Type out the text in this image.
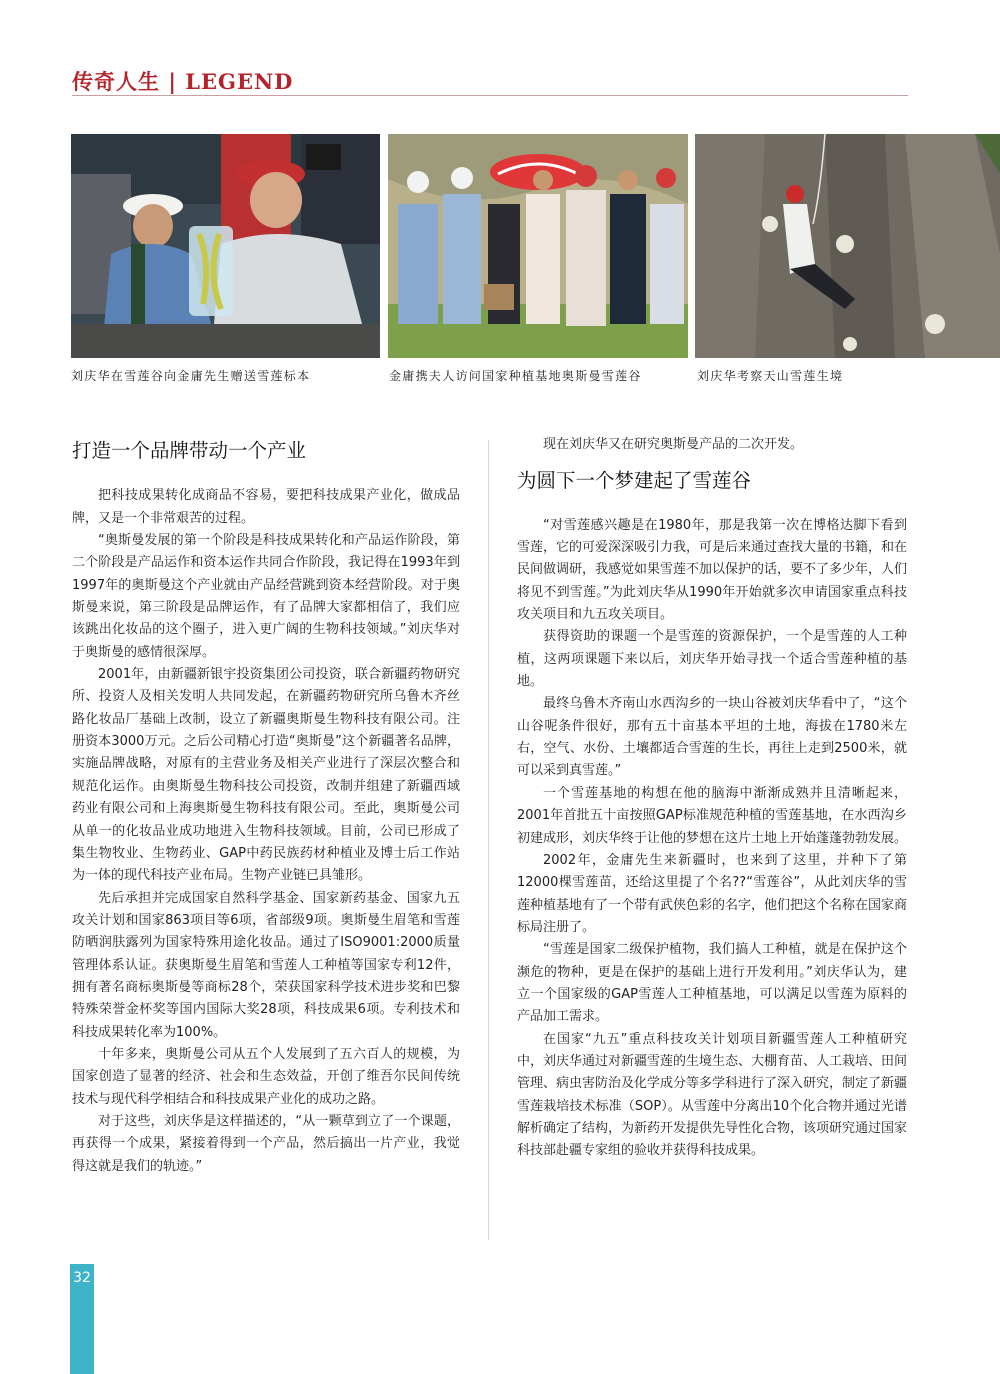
传奇人生 | LEGEND
刘庆华在雪莲谷向金庸先生赠送雪莲标本	金庸携夫人访问国家种植基地奥斯曼雪莲谷	刘庆华考察天山雪莲生境
打造一个品牌带动一个产业

把科技成果转化成商品不容易，要把科技成果产业化，做成品牌，又是一个非常艰苦的过程。

“奥斯曼发展的第一个阶段是科技成果转化和产品运作阶段，第二个阶段是产品运作和资本运作共同合作阶段，我记得在1993年到1997年的奥斯曼这个产业就由产品经营跳到资本经营阶段。对于奥斯曼来说，第三阶段是品牌运作，有了品牌大家都相信了，我们应该跳出化妆品的这个圈子，进入更广阔的生物科技领域。”刘庆华对于奥斯曼的感情很深厚。

2001年，由新疆新银宇投资集团公司投资，联合新疆药物研究所、投资人及相关发明人共同发起，在新疆药物研究所乌鲁木齐丝路化妆品厂基础上改制，设立了新疆奥斯曼生物科技有限公司。注册资本3000万元。之后公司精心打造“奥斯曼”这个新疆著名品牌，实施品牌战略，对原有的主营业务及相关产业进行了深层次整合和规范化运作。由奥斯曼生物科技公司投资，改制并组建了新疆西域药业有限公司和上海奥斯曼生物科技有限公司。至此，奥斯曼公司从单一的化妆品业成功地进入生物科技领域。目前，公司已形成了集生物牧业、生物药业、GAP中药民族药材种植业及博士后工作站为一体的现代科技产业布局。生物产业链已具雏形。

先后承担并完成国家自然科学基金、国家新药基金、国家九五攻关计划和国家863项目等6项，省部级9项。奥斯曼生眉笔和雪莲防晒润肤露列为国家特殊用途化妆品。通过了ISO9001:2000质量管理体系认证。获奥斯曼生眉笔和雪莲人工种植等国家专利12件，拥有著名商标奥斯曼等商标28个，荣获国家科学技术进步奖和巴黎特殊荣誉金杯奖等国内国际大奖28项，科技成果6项。专利技术和科技成果转化率为100%。

十年多来，奥斯曼公司从五个人发展到了五六百人的规模，为国家创造了显著的经济、社会和生态效益，开创了维吾尔民间传统技术与现代科学相结合和科技成果产业化的成功之路。

对于这些，刘庆华是这样描述的，“从一颗草到立了一个课题，再获得一个成果，紧接着得到一个产品，然后搞出一片产业，我觉得这就是我们的轨迹。”

现在刘庆华又在研究奥斯曼产品的二次开发。

为圆下一个梦建起了雪莲谷

“对雪莲感兴趣是在1980年，那是我第一次在博格达脚下看到雪莲，它的可爱深深吸引力我，可是后来通过查找大量的书籍，和在民间做调研，我感觉如果雪莲不加以保护的话，要不了多少年，人们将见不到雪莲。”为此刘庆华从1990年开始就多次申请国家重点科技攻关项目和九五攻关项目。

获得资助的课题一个是雪莲的资源保护，一个是雪莲的人工种植，这两项课题下来以后，刘庆华开始寻找一个适合雪莲种植的基地。

最终乌鲁木齐南山水西沟乡的一块山谷被刘庆华看中了，“这个山谷呢条件很好，那有五十亩基本平坦的土地，海拔在1780米左右，空气、水份、土壤都适合雪莲的生长，再往上走到2500米，就可以采到真雪莲。”

一个雪莲基地的构想在他的脑海中渐渐成熟并且清晰起来，2001年首批五十亩按照GAP标准规范种植的雪莲基地，在水西沟乡初建成形，刘庆华终于让他的梦想在这片土地上开始蓬蓬勃勃发展。

2002年，金庸先生来新疆时，也来到了这里，并种下了第12000棵雪莲苗，还给这里提了个名??“雪莲谷”，从此刘庆华的雪莲种植基地有了一个带有武侠色彩的名字，他们把这个名称在国家商标局注册了。

“雪莲是国家二级保护植物，我们搞人工种植，就是在保护这个濒危的物种，更是在保护的基础上进行开发利用。”刘庆华认为，建立一个国家级的GAP雪莲人工种植基地，可以满足以雪莲为原料的产品加工需求。

在国家“九五”重点科技攻关计划项目新疆雪莲人工种植研究中，刘庆华通过对新疆雪莲的生境生态、大棚育苗、人工栽培、田间管理、病虫害防治及化学成分等多学科进行了深入研究，制定了新疆雪莲栽培技术标准（SOP）。从雪莲中分离出10个化合物并通过光谱解析确定了结构，为新药开发提供先导性化合物，该项研究通过国家科技部赴疆专家组的验收并获得科技成果。

32
